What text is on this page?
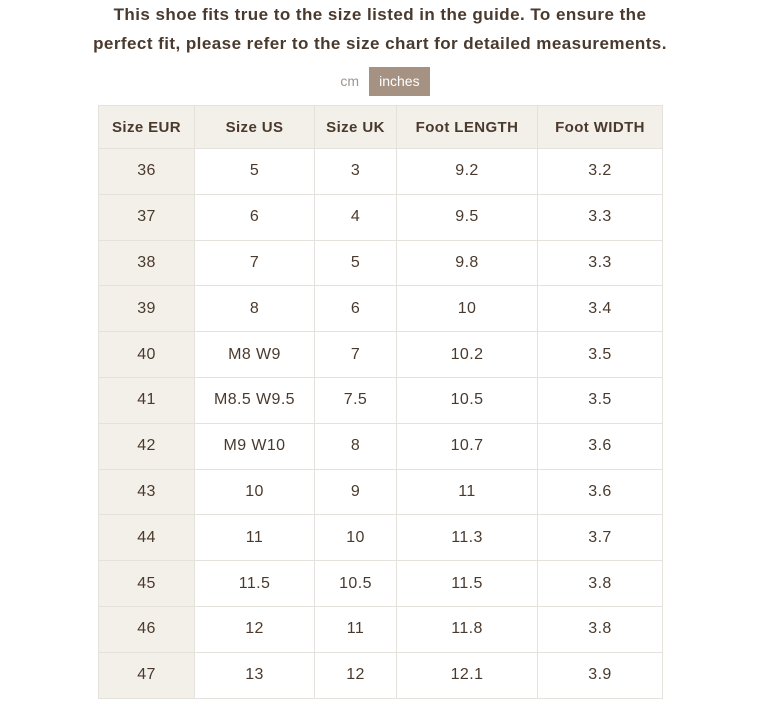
This shoe fits true to the size listed in the guide. To ensure the
perfect fit, please refer to the size chart for detailed measurements.
cm	inches
Size EUR	Size US	Size UK	Foot LENGTH	Foot WIDTH
36	5	3	9.2	3.2
37	6	4	9.5	3.3
38	7	5	9.8	3.3
39	8	6	10	3.4
40	M8 W9	7	10.2	3.5
41	M8.5 W9.5	7.5	10.5	3.5
42	M9 W10	8	10.7	3.6
43	10	9	11	3.6
44	11	10	11.3	3.7
45	11.5	10.5	11.5	3.8
46	12	11	11.8	3.8
47	13	12	12.1	3.9
